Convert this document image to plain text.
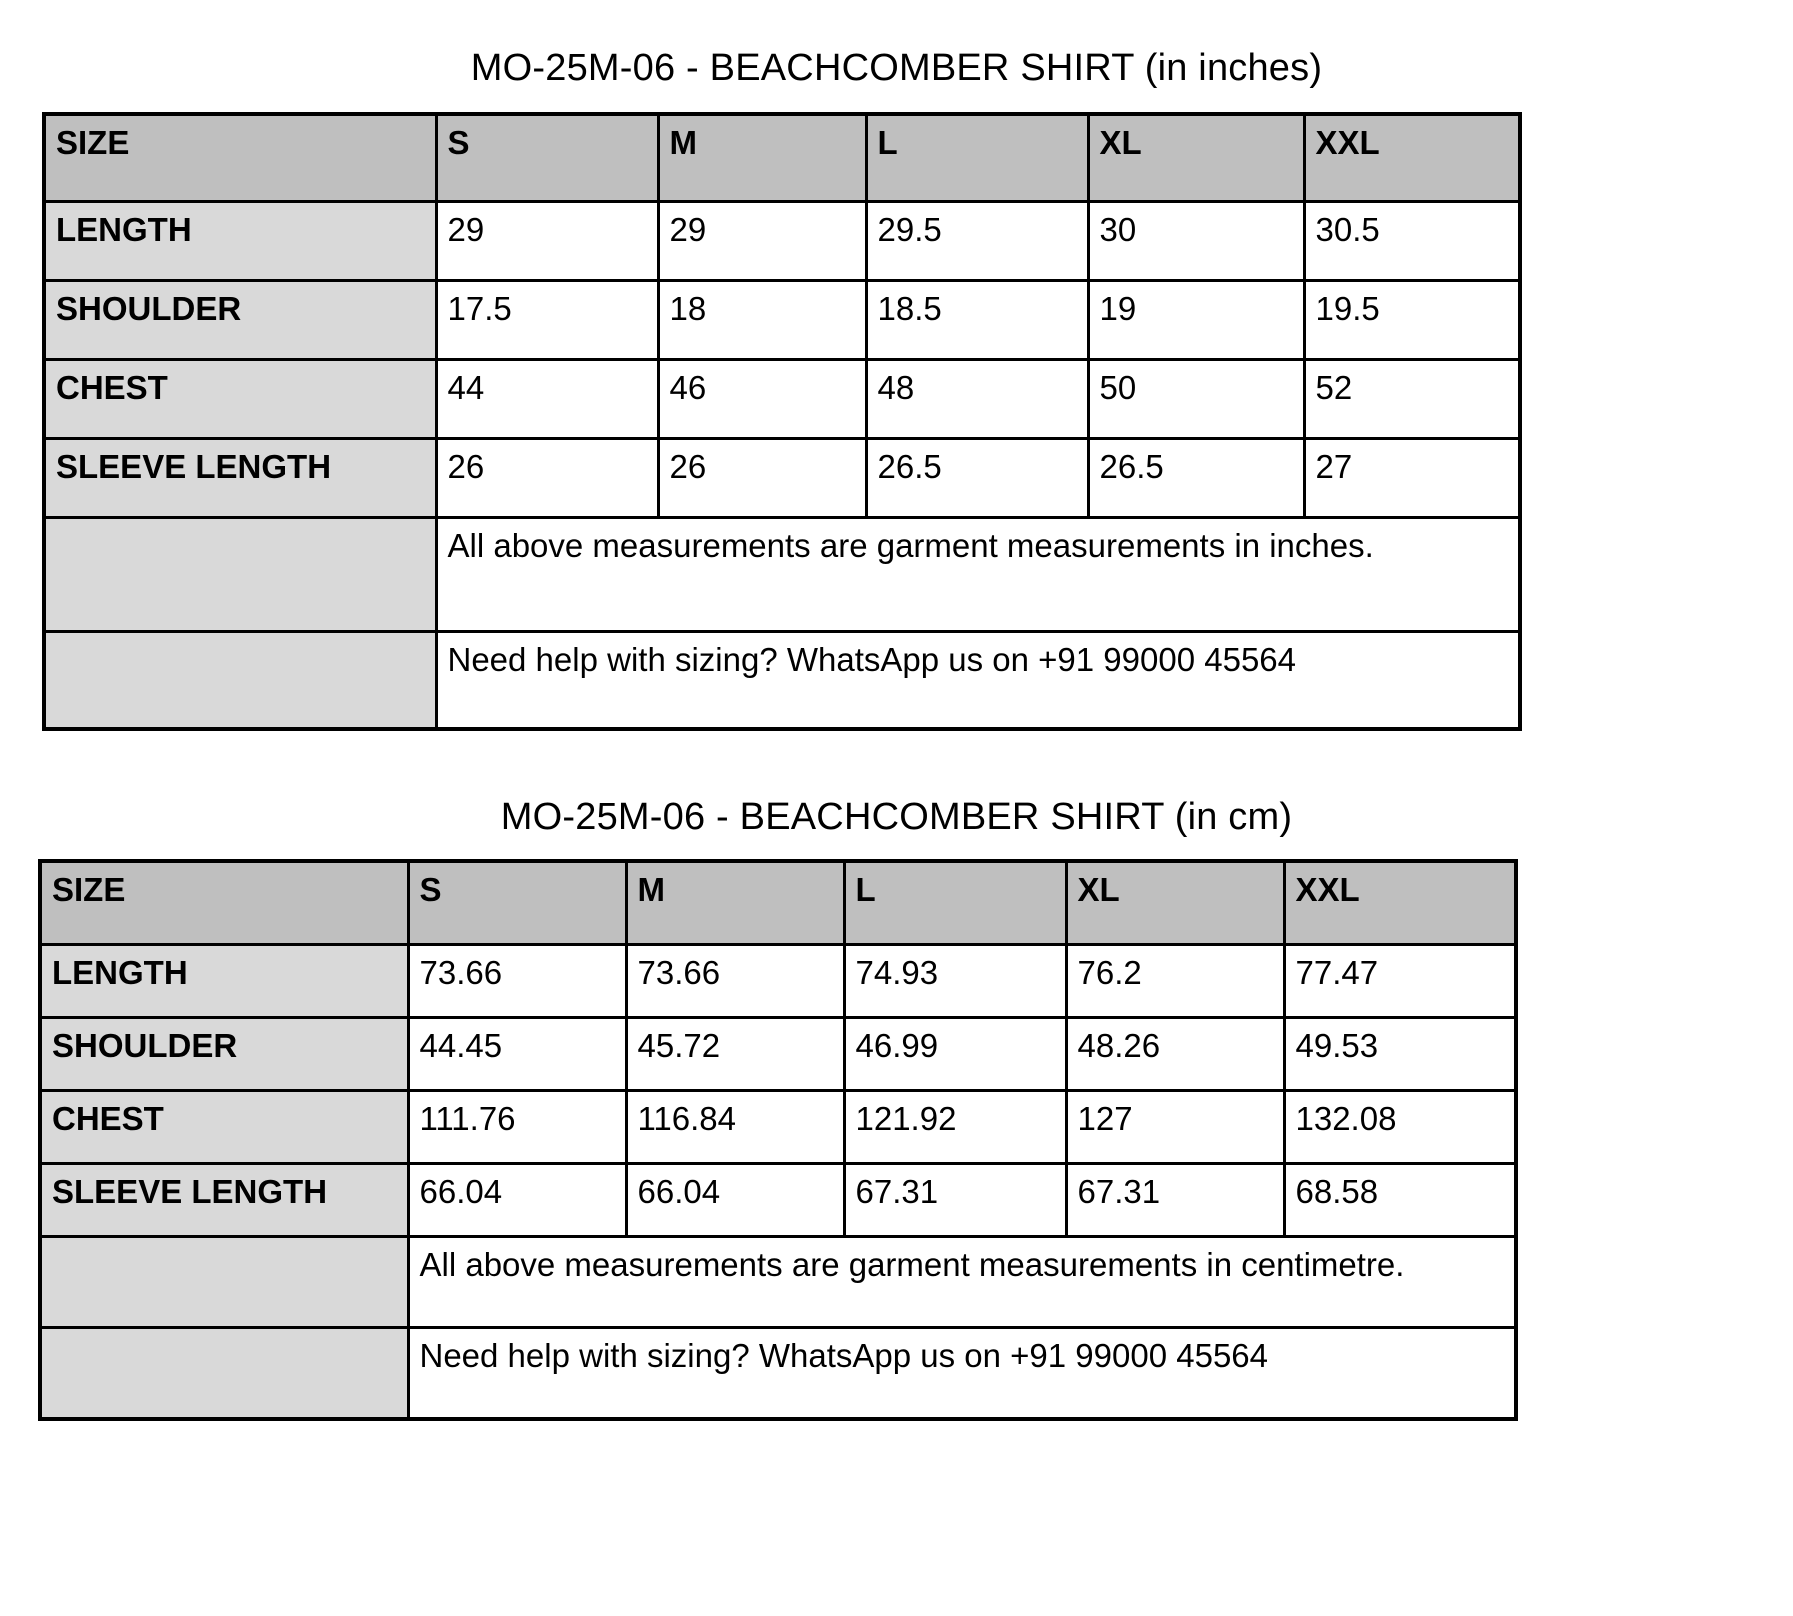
MO-25M-06 - BEACHCOMBER SHIRT (in inches)
SIZE	S	M	L	XL	XXL
LENGTH	29	29	29.5	30	30.5
SHOULDER	17.5	18	18.5	19	19.5
CHEST	44	46	48	50	52
SLEEVE LENGTH	26	26	26.5	26.5	27
	All above measurements are garment measurements in inches.				
	Need help with sizing? WhatsApp us on +91 99000 45564				
MO-25M-06 - BEACHCOMBER SHIRT (in cm)
SIZE	S	M	L	XL	XXL
LENGTH	73.66	73.66	74.93	76.2	77.47
SHOULDER	44.45	45.72	46.99	48.26	49.53
CHEST	111.76	116.84	121.92	127	132.08
SLEEVE LENGTH	66.04	66.04	67.31	67.31	68.58
	All above measurements are garment measurements in centimetre.				
	Need help with sizing? WhatsApp us on +91 99000 45564				
